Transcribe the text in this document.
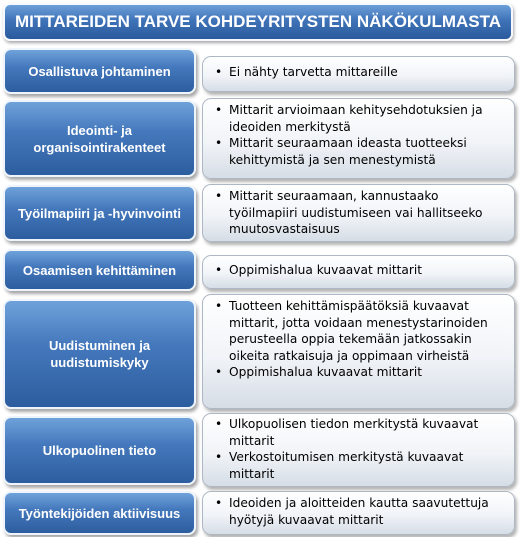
MITTAREIDEN TARVE KOHDEYRITYSTEN NÄKÖKULMASTA
Osallistuva johtaminen	• Ei nähty tarvetta mittareille
Ideointi- ja organisointirakenteet
• Mittarit arvioimaan kehitysehdotuksien ja ideoiden merkitystä
• Mittarit seuraamaan ideasta tuotteeksi kehittymistä ja sen menestymistä
Työilmapiiri ja -hyvinvointi
• Mittarit seuraamaan, kannustaako työilmapiiri uudistumiseen vai hallitseeko muutosvastaisuus
Osaamisen kehittäminen	• Oppimishalua kuvaavat mittarit
Uudistuminen ja uudistumiskyky
• Tuotteen kehittämispäätöksiä kuvaavat mittarit, jotta voidaan menestystarinoiden perusteella oppia tekemään jatkossakin oikeita ratkaisuja ja oppimaan virheistä
• Oppimishalua kuvaavat mittarit
Ulkopuolinen tieto
• Ulkopuolisen tiedon merkitystä kuvaavat mittarit
• Verkostoitumisen merkitystä kuvaavat mittarit
Työntekijöiden aktiivisuus
• Ideoiden ja aloitteiden kautta saavutettuja hyötyjä kuvaavat mittarit
